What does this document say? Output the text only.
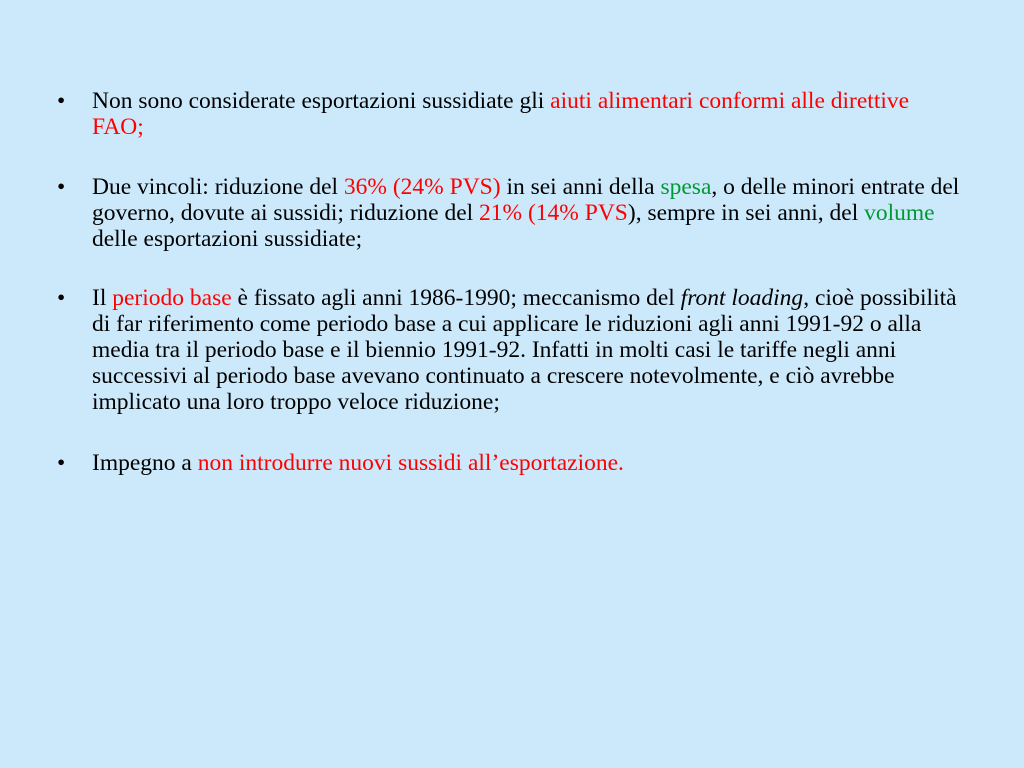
• Non sono considerate esportazioni sussidiate gli aiuti alimentari conformi alle direttive FAO;
• Due vincoli: riduzione del 36% (24% PVS) in sei anni della spesa, o delle minori entrate del governo, dovute ai sussidi; riduzione del 21% (14% PVS), sempre in sei anni, del volume delle esportazioni sussidiate;
• Il periodo base è fissato agli anni 1986-1990; meccanismo del front loading, cioè possibilità di far riferimento come periodo base a cui applicare le riduzioni agli anni 1991-92 o alla media tra il periodo base e il biennio 1991-92. Infatti in molti casi le tariffe negli anni successivi al periodo base avevano continuato a crescere notevolmente, e ciò avrebbe implicato una loro troppo veloce riduzione;
• Impegno a non introdurre nuovi sussidi all’esportazione.
